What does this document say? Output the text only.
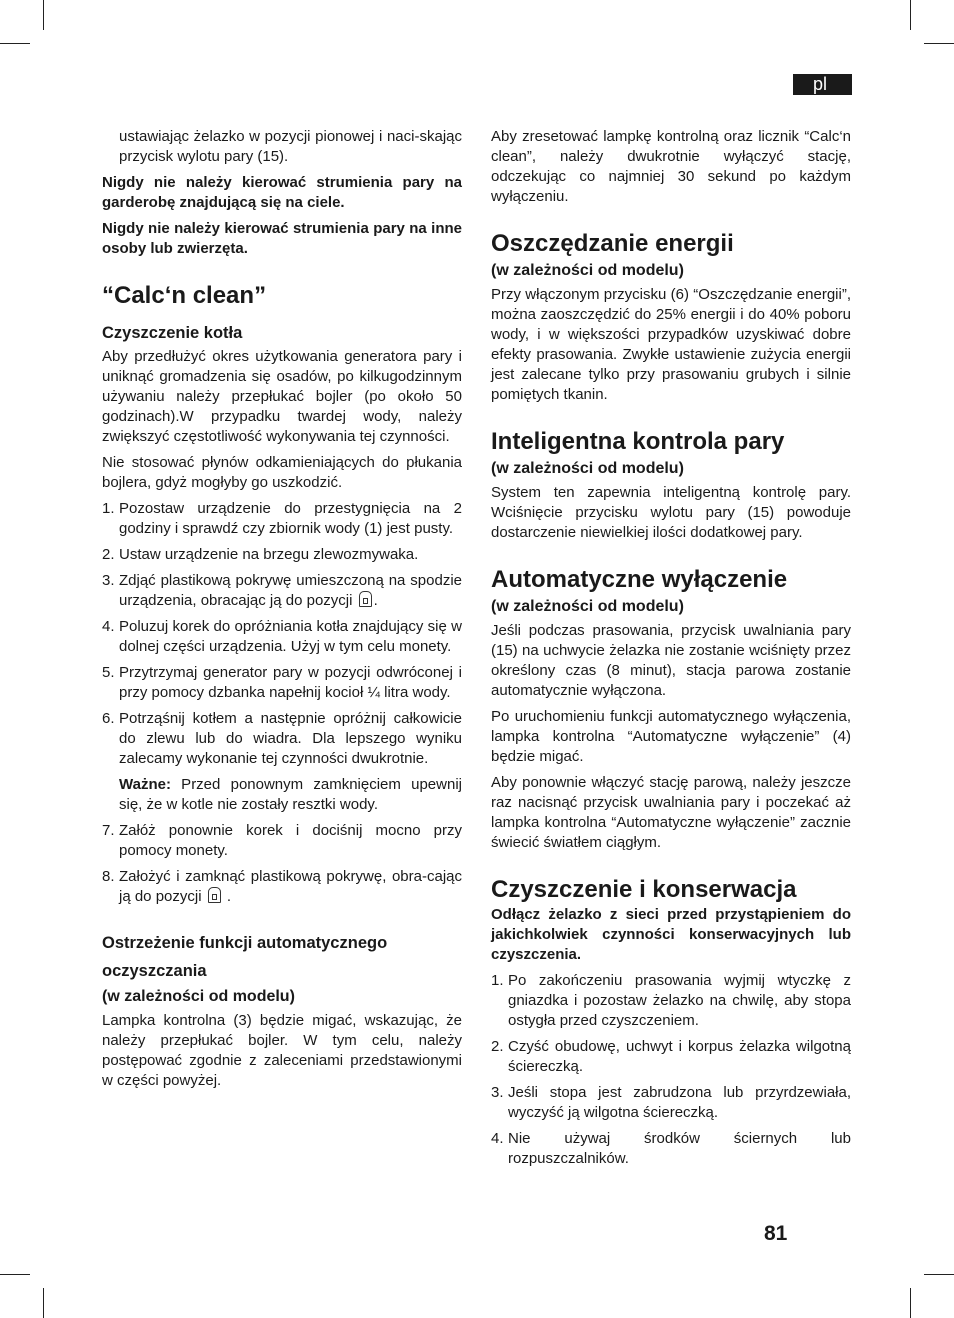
pl

ustawiając żelazko w pozycji pionowej i naci-skając przycisk wylotu pary (15).

Nigdy nie należy kierować strumienia pary na garderobę znajdującą się na ciele.

Nigdy nie należy kierować strumienia pary na inne osoby lub zwierzęta.

“Calc‘n clean”
Czyszczenie kotła

Aby przedłużyć okres użytkowania generatora pary i uniknąć gromadzenia się osadów, po kilkugodzinnym używaniu należy przepłukać bojler (po około 50 godzinach).W przypadku twardej wody, należy zwiększyć częstotliwość wykonywania tej czynności.

Nie stosować płynów odkamieniających do płukania bojlera, gdyż mogłyby go uszkodzić.

1. Pozostaw urządzenie do przestygnięcia na 2 godziny i sprawdź czy zbiornik wody (1) jest pusty.
2. Ustaw urządzenie na brzegu zlewozmywaka.
3. Zdjąć plastikową pokrywę umieszczoną na spodzie urządzenia, obracając ją do pozycji .
4. Poluzuj korek do opróżniania kotła znajdujący się w dolnej części urządzenia. Użyj w tym celu monety.
5. Przytrzymaj generator pary w pozycji odwróconej i przy pomocy dzbanka napełnij kocioł ¼ litra wody.
6. Potrząśnij kotłem a następnie opróżnij całkowicie do zlewu lub do wiadra. Dla lepszego wyniku zalecamy wykonanie tej czynności dwukrotnie.

Ważne: Przed ponownym zamknięciem upewnij się, że w kotle nie zostały resztki wody.

7. Załóż ponownie korek i dociśnij mocno przy pomocy monety.
8. Założyć i zamknąć plastikową pokrywę, obra-cając ją do pozycji .
Ostrzeżenie funkcji automatycznego
oczyszczania
(w zależności od modelu)

Lampka kontrolna (3) będzie migać, wskazując, że należy przepłukać bojler. W tym celu, należy postępować zgodnie z zaleceniami przedstawionymi w części powyżej.

Aby zresetować lampkę kontrolną oraz licznik “Calc‘n clean”, należy dwukrotnie wyłączyć stację, odczekując co najmniej 30 sekund po każdym wyłączeniu.

Oszczędzanie energii
(w zależności od modelu)

Przy włączonym przycisku (6) “Oszczędzanie energii”, można zaoszczędzić do 25% energii i do 40% poboru wody, i w większości przypadków uzyskiwać dobre efekty prasowania. Zwykłe ustawienie zużycia energii jest zalecane tylko przy prasowaniu grubych i silnie pomiętych tkanin.

Inteligentna kontrola pary
(w zależności od modelu)

System ten zapewnia inteligentną kontrolę pary. Wciśnięcie przycisku wylotu pary (15) powoduje dostarczenie niewielkiej ilości dodatkowej pary.

Automatyczne wyłączenie
(w zależności od modelu)

Jeśli podczas prasowania, przycisk uwalniania pary (15) na uchwycie żelazka nie zostanie wciśnięty przez określony czas (8 minut), stacja parowa zostanie automatycznie wyłączona.

Po uruchomieniu funkcji automatycznego wyłączenia, lampka kontrolna “Automatyczne wyłączenie” (4) będzie migać.

Aby ponownie włączyć stację parową, należy jeszcze raz nacisnąć przycisk uwalniania pary i poczekać aż lampka kontrolna “Automatyczne wyłączenie” zacznie świecić światłem ciągłym.

Czyszczenie i konserwacja

Odłącz żelazko z sieci przed przystąpieniem do jakichkolwiek czynności konserwacyjnych lub czyszczenia.

1. Po zakończeniu prasowania wyjmij wtyczkę z gniazdka i pozostaw żelazko na chwilę, aby stopa ostygła przed czyszczeniem.
2. Czyść obudowę, uchwyt i korpus żelazka wilgotną ściereczką.
3. Jeśli stopa jest zabrudzona lub przyrdzewiała, wyczyść ją wilgotna ściereczką.
4. Nie używaj środków ściernych lub rozpuszczalników.
81
